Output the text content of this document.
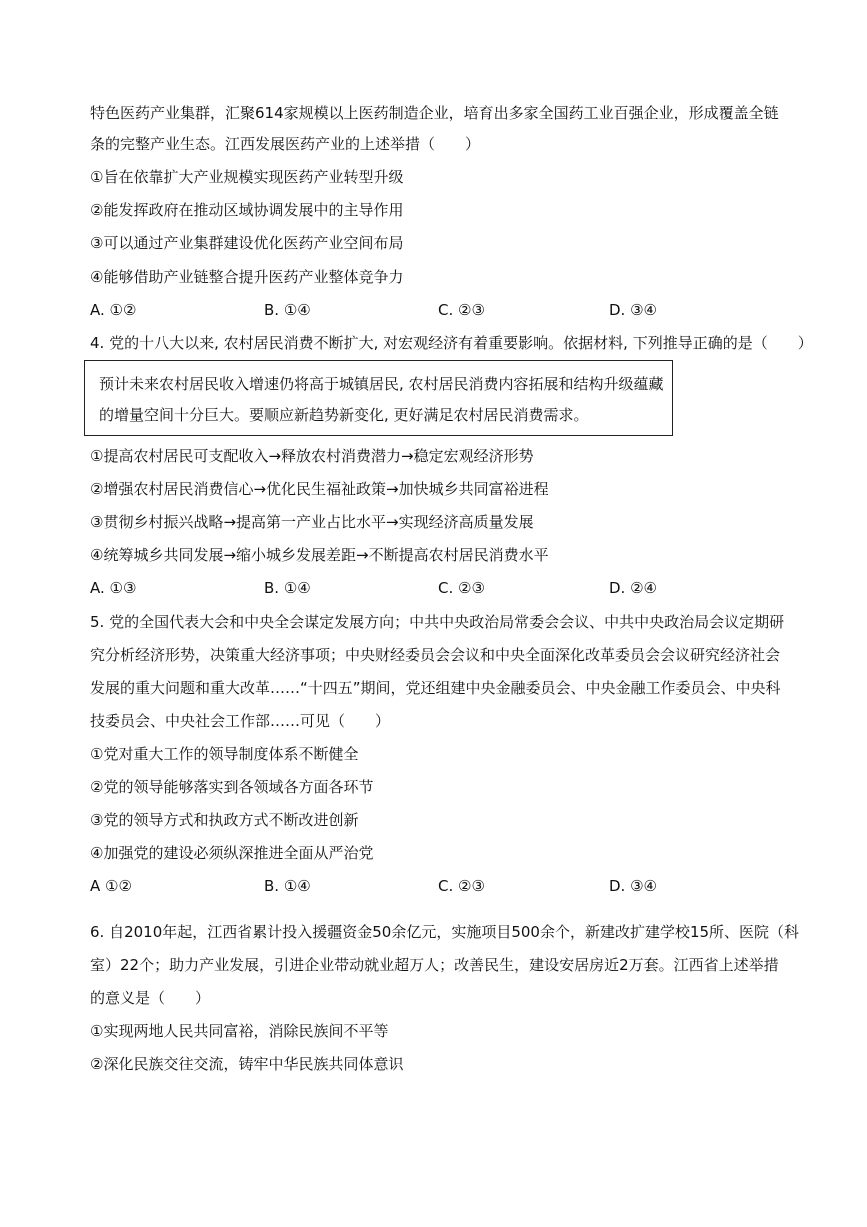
特色医药产业集群，汇聚614家规模以上医药制造企业，培育出多家全国药工业百强企业，形成覆盖全链
条的完整产业生态。江西发展医药产业的上述举措（　　）
①旨在依靠扩大产业规模实现医药产业转型升级
②能发挥政府在推动区域协调发展中的主导作用
③可以通过产业集群建设优化医药产业空间布局
④能够借助产业链整合提升医药产业整体竞争力
A. ①②	B. ①④	C. ②③	D. ③④
4. 党的十八大以来, 农村居民消费不断扩大, 对宏观经济有着重要影响。依据材料, 下列推导正确的是（　　）
预计未来农村居民收入增速仍将高于城镇居民, 农村居民消费内容拓展和结构升级蕴藏
的增量空间十分巨大。要顺应新趋势新变化, 更好满足农村居民消费需求。
①提高农村居民可支配收入→释放农村消费潜力→稳定宏观经济形势
②增强农村居民消费信心→优化民生福祉政策→加快城乡共同富裕进程
③贯彻乡村振兴战略→提高第一产业占比水平→实现经济高质量发展
④统筹城乡共同发展→缩小城乡发展差距→不断提高农村居民消费水平
A. ①③	B. ①④	C. ②③	D. ②④
5. 党的全国代表大会和中央全会谋定发展方向；中共中央政治局常委会会议、中共中央政治局会议定期研
究分析经济形势，决策重大经济事项；中央财经委员会会议和中央全面深化改革委员会会议研究经济社会
发展的重大问题和重大改革……“十四五”期间，党还组建中央金融委员会、中央金融工作委员会、中央科
技委员会、中央社会工作部……可见（　　）
①党对重大工作的领导制度体系不断健全
②党的领导能够落实到各领域各方面各环节
③党的领导方式和执政方式不断改进创新
④加强党的建设必须纵深推进全面从严治党
A ①②	B. ①④	C. ②③	D. ③④
6. 自2010年起，江西省累计投入援疆资金50余亿元，实施项目500余个，新建改扩建学校15所、医院（科
室）22个；助力产业发展，引进企业带动就业超万人；改善民生，建设安居房近2万套。江西省上述举措
的意义是（　　）
①实现两地人民共同富裕，消除民族间不平等
②深化民族交往交流，铸牢中华民族共同体意识
